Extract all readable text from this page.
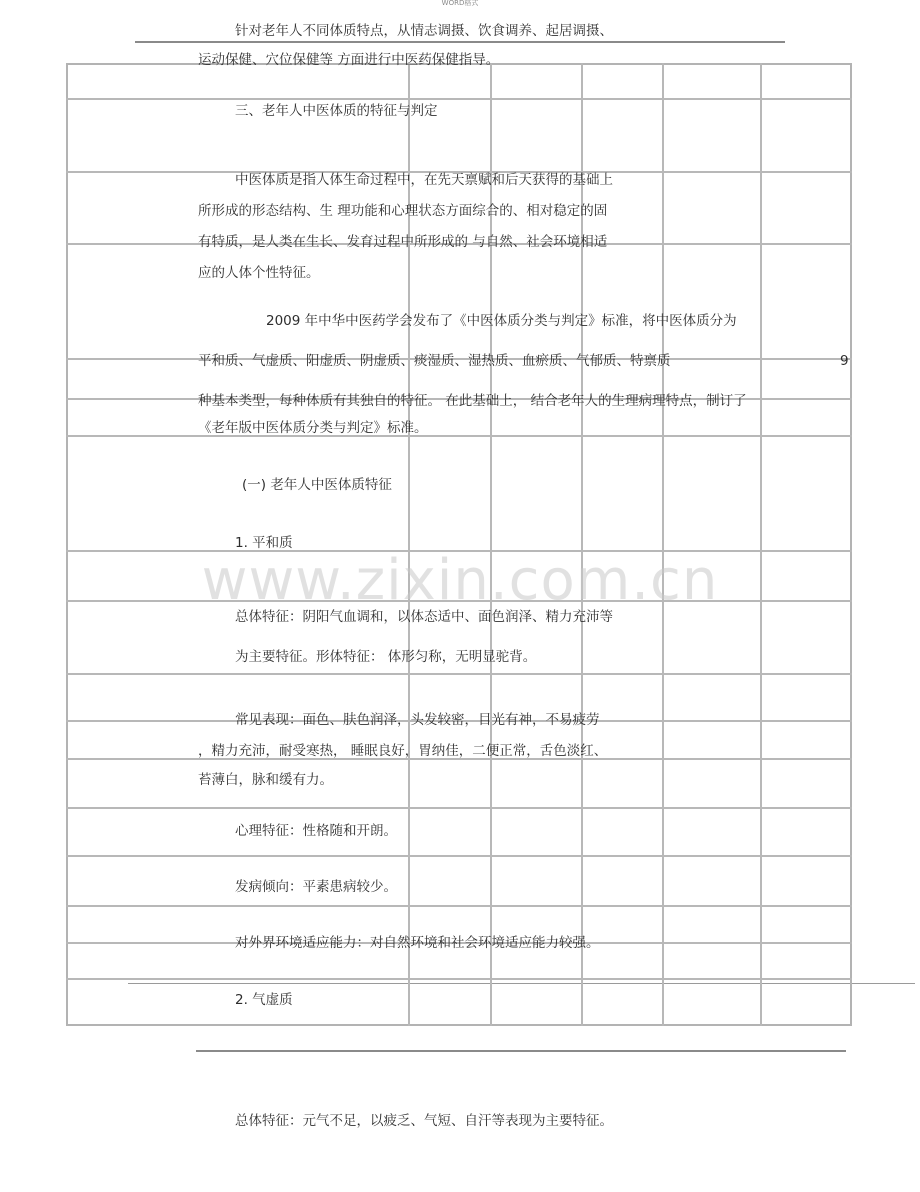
WORD格式
www.zixin.com.cn
针对老年人不同体质特点，从情志调摄、饮食调养、起居调摄、
运动保健、穴位保健等 方面进行中医药保健指导。
三、老年人中医体质的特征与判定
中医体质是指人体生命过程中，在先天禀赋和后天获得的基础上
所形成的形态结构、生 理功能和心理状态方面综合的、相对稳定的固
有特质，是人类在生长、发育过程中所形成的 与自然、社会环境相适
应的人体个性特征。
2009 年中华中医药学会发布了《中医体质分类与判定》标准，将中医体质分为
平和质、气虚质、阳虚质、阴虚质、痰湿质、湿热质、血瘀质、气郁质、特禀质	9
种基本类型，每种体质有其独自的特征。 在此基础上， 结合老年人的生理病理特点，制订了
《老年版中医体质分类与判定》标准。
(一) 老年人中医体质特征
1. 平和质
总体特征：阴阳气血调和，以体态适中、面色润泽、精力充沛等
为主要特征。形体特征： 体形匀称，无明显驼背。
常见表现：面色、肤色润泽，头发较密，目光有神，不易疲劳
，精力充沛，耐受寒热， 睡眠良好，胃纳佳，二便正常，舌色淡红、
苔薄白，脉和缓有力。
心理特征：性格随和开朗。
发病倾向：平素患病较少。
对外界环境适应能力：对自然环境和社会环境适应能力较强。
2. 气虚质
总体特征：元气不足，以疲乏、气短、自汗等表现为主要特征。
